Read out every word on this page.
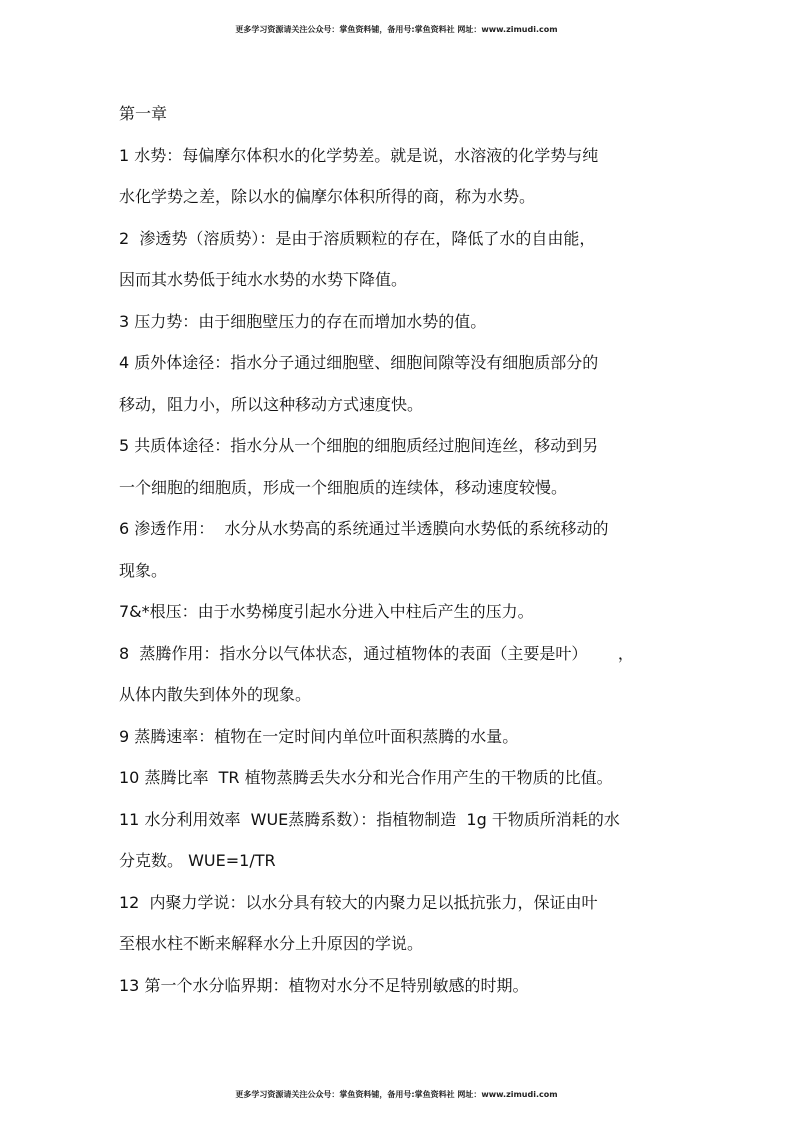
更多学习资源请关注公众号：掌鱼资料铺，备用号:掌鱼资料社 网址：www.zimudi.com
第一章
1 水势：每偏摩尔体积水的化学势差。就是说，水溶液的化学势与纯
水化学势之差，除以水的偏摩尔体积所得的商，称为水势。
2  渗透势（溶质势）：是由于溶质颗粒的存在，降低了水的自由能，
因而其水势低于纯水水势的水势下降值。
3 压力势：由于细胞壁压力的存在而增加水势的值。
4 质外体途径：指水分子通过细胞壁、细胞间隙等没有细胞质部分的
移动，阻力小，所以这种移动方式速度快。
5 共质体途径：指水分从一个细胞的细胞质经过胞间连丝，移动到另
一个细胞的细胞质，形成一个细胞质的连续体，移动速度较慢。
6 渗透作用：  水分从水势高的系统通过半透膜向水势低的系统移动的
现象。
7&*根压：由于水势梯度引起水分进入中柱后产生的压力。
8  蒸腾作用：指水分以气体状态，通过植物体的表面（主要是叶）      ，
从体内散失到体外的现象。
9 蒸腾速率：植物在一定时间内单位叶面积蒸腾的水量。
10 蒸腾比率  TR 植物蒸腾丢失水分和光合作用产生的干物质的比值。
11 水分利用效率  WUE蒸腾系数）：指植物制造  1g 干物质所消耗的水
分克数。 WUE=1/TR
12  内聚力学说：以水分具有较大的内聚力足以抵抗张力，保证由叶
至根水柱不断来解释水分上升原因的学说。
13 第一个水分临界期：植物对水分不足特别敏感的时期。
更多学习资源请关注公众号：掌鱼资料铺，备用号:掌鱼资料社 网址：www.zimudi.com
